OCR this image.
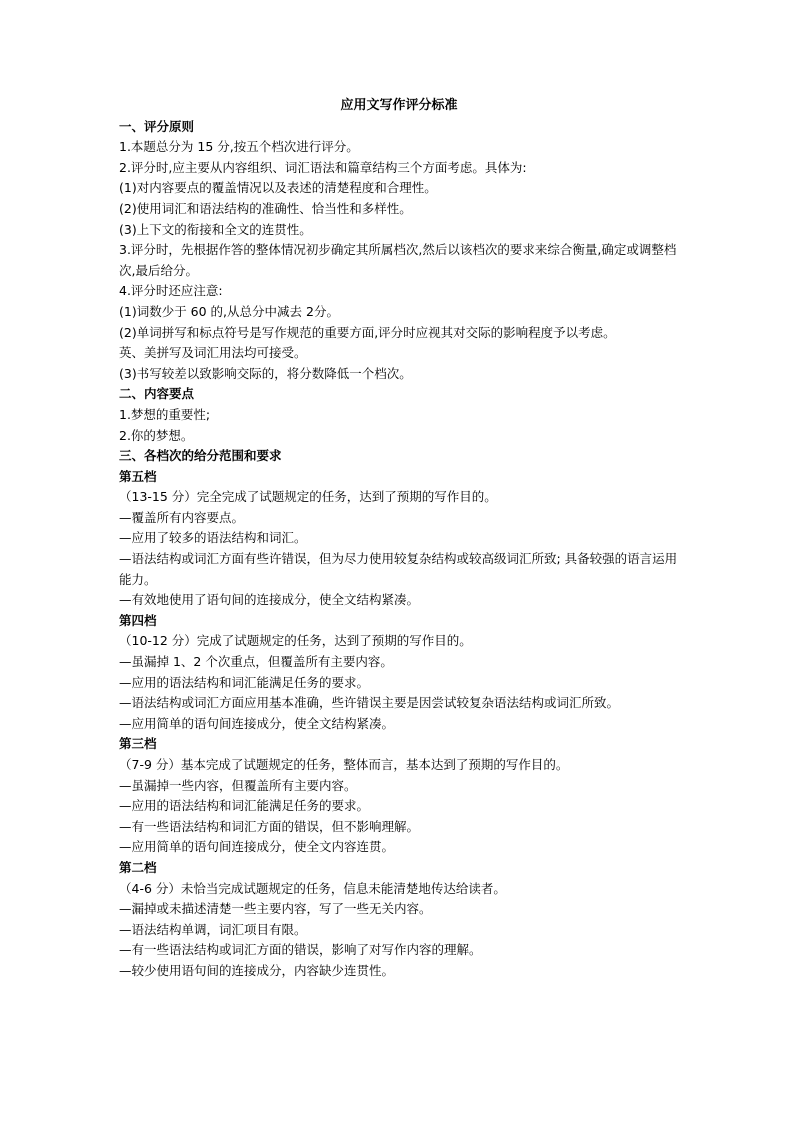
应用文写作评分标准
一、评分原则
1.本题总分为 15 分,按五个档次进行评分。
2.评分时,应主要从内容组织、词汇语法和篇章结构三个方面考虑。具体为:
(1)对内容要点的覆盖情况以及表述的清楚程度和合理性。
(2)使用词汇和语法结构的准确性、恰当性和多样性。
(3)上下文的衔接和全文的连贯性。
3.评分时，先根据作答的整体情况初步确定其所属档次,然后以该档次的要求来综合衡量,确定或调整档次,最后给分。
4.评分时还应注意:
(1)词数少于 60 的,从总分中减去 2分。
(2)单词拼写和标点符号是写作规范的重要方面,评分时应视其对交际的影响程度予以考虑。
英、美拼写及词汇用法均可接受。
(3)书写较差以致影响交际的，将分数降低一个档次。
二、内容要点
1.梦想的重要性;
2.你的梦想。
三、各档次的给分范围和要求
第五档
（13-15 分）完全完成了试题规定的任务，达到了预期的写作目的。
—覆盖所有内容要点。
—应用了较多的语法结构和词汇。
—语法结构或词汇方面有些许错误，但为尽力使用较复杂结构或较高级词汇所致; 具备较强的语言运用能力。
—有效地使用了语句间的连接成分，使全文结构紧凑。
第四档
（10-12 分）完成了试题规定的任务，达到了预期的写作目的。
—虽漏掉 1、2 个次重点，但覆盖所有主要内容。
—应用的语法结构和词汇能满足任务的要求。
—语法结构或词汇方面应用基本准确，些许错误主要是因尝试较复杂语法结构或词汇所致。
—应用简单的语句间连接成分，使全文结构紧凑。
第三档
（7-9 分）基本完成了试题规定的任务，整体而言，基本达到了预期的写作目的。
—虽漏掉一些内容，但覆盖所有主要内容。
—应用的语法结构和词汇能满足任务的要求。
—有一些语法结构和词汇方面的错误，但不影响理解。
—应用简单的语句间连接成分，使全文内容连贯。
第二档
（4-6 分）未恰当完成试题规定的任务，信息未能清楚地传达给读者。
—漏掉或未描述清楚一些主要内容，写了一些无关内容。
—语法结构单调，词汇项目有限。
—有一些语法结构或词汇方面的错误，影响了对写作内容的理解。
—较少使用语句间的连接成分，内容缺少连贯性。
